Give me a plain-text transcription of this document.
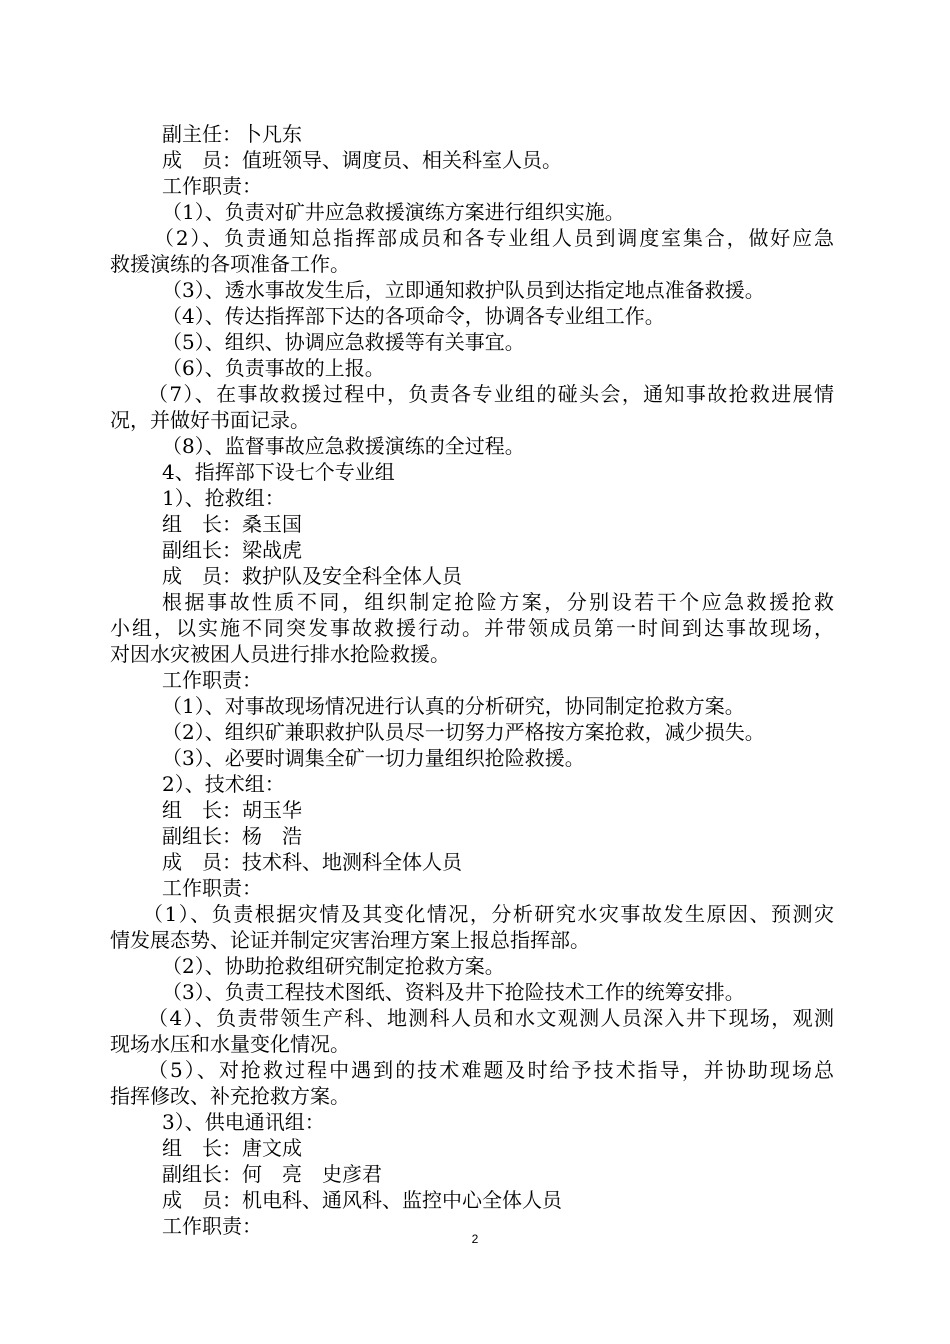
副主任：卜凡东
成　员：值班领导、调度员、相关科室人员。
工作职责：
（1）、负责对矿井应急救援演练方案进行组织实施。
（2）、负责通知总指挥部成员和各专业组人员到调度室集合，做好应急
救援演练的各项准备工作。
（3）、透水事故发生后，立即通知救护队员到达指定地点准备救援。
（4）、传达指挥部下达的各项命令，协调各专业组工作。
（5）、组织、协调应急救援等有关事宜。
（6）、负责事故的上报。
（7）、在事故救援过程中，负责各专业组的碰头会，通知事故抢救进展情
况，并做好书面记录。
（8）、监督事故应急救援演练的全过程。
4、指挥部下设七个专业组
1）、抢救组：
组　长：桑玉国
副组长：梁战虎
成　员：救护队及安全科全体人员
根据事故性质不同，组织制定抢险方案，分别设若干个应急救援抢救
小组，以实施不同突发事故救援行动。并带领成员第一时间到达事故现场，
对因水灾被困人员进行排水抢险救援。
工作职责：
（1）、对事故现场情况进行认真的分析研究，协同制定抢救方案。
（2）、组织矿兼职救护队员尽一切努力严格按方案抢救，减少损失。
（3）、必要时调集全矿一切力量组织抢险救援。
2）、技术组：
组　长：胡玉华
副组长：杨　浩
成　员：技术科、地测科全体人员
工作职责：
（1）、负责根据灾情及其变化情况，分析研究水灾事故发生原因、预测灾
情发展态势、论证并制定灾害治理方案上报总指挥部。
（2）、协助抢救组研究制定抢救方案。
（3）、负责工程技术图纸、资料及井下抢险技术工作的统筹安排。
（4）、负责带领生产科、地测科人员和水文观测人员深入井下现场，观测
现场水压和水量变化情况。
（5）、对抢救过程中遇到的技术难题及时给予技术指导，并协助现场总
指挥修改、补充抢救方案。
3）、供电通讯组：
组　长：唐文成
副组长：何　亮　史彦君
成　员：机电科、通风科、监控中心全体人员
工作职责：
2
